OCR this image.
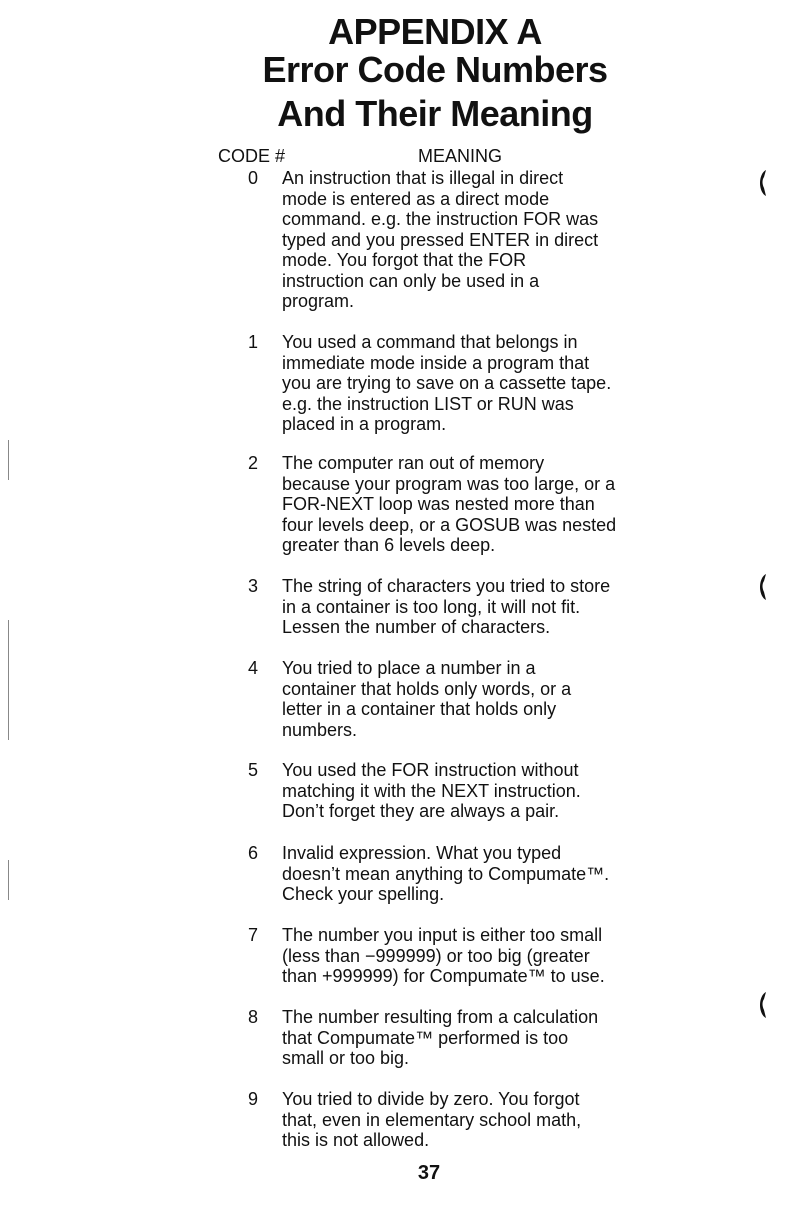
APPENDIX A
Error Code Numbers
And Their Meaning
CODE #	MEANING
0	An instruction that is illegal in direct
mode is entered as a direct mode
command. e.g. the instruction FOR was
typed and you pressed ENTER in direct
mode. You forgot that the FOR
instruction can only be used in a
program.
1	You used a command that belongs in
immediate mode inside a program that
you are trying to save on a cassette tape.
e.g. the instruction LIST or RUN was
placed in a program.
2	The computer ran out of memory
because your program was too large, or a
FOR-NEXT loop was nested more than
four levels deep, or a GOSUB was nested
greater than 6 levels deep.
3	The string of characters you tried to store
in a container is too long, it will not fit.
Lessen the number of characters.
4	You tried to place a number in a
container that holds only words, or a
letter in a container that holds only
numbers.
5	You used the FOR instruction without
matching it with the NEXT instruction.
Don’t forget they are always a pair.
6	Invalid expression. What you typed
doesn’t mean anything to Compumate™.
Check your spelling.
7	The number you input is either too small
(less than −999999) or too big (greater
than +999999) for Compumate™ to use.
8	The number resulting from a calculation
that Compumate™ performed is too
small or too big.
9	You tried to divide by zero. You forgot
that, even in elementary school math,
this is not allowed.
37
